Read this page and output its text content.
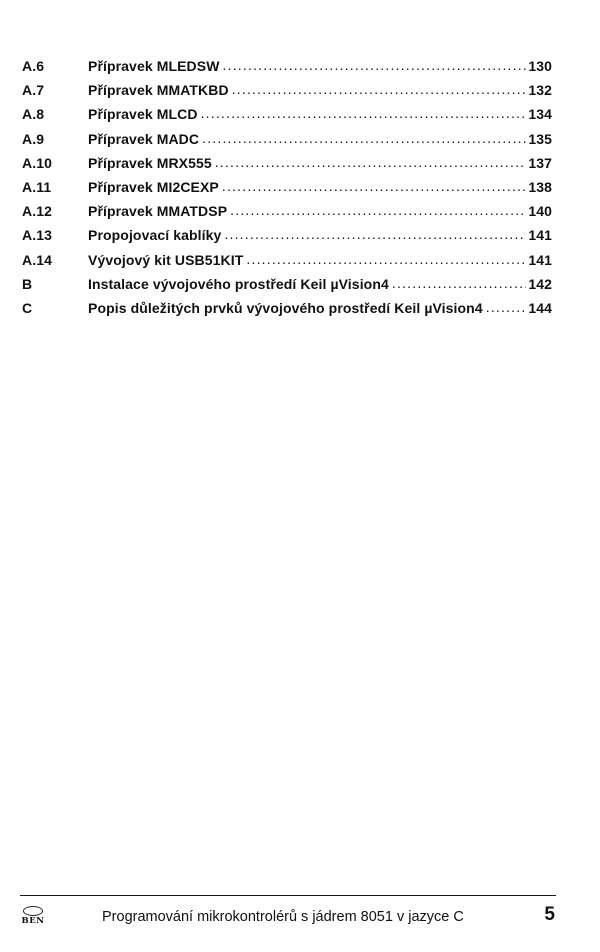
A.6	Přípravek MLEDSW .....	130
A.7	Přípravek MMATKBD .....	132
A.8	Přípravek MLCD .....	134
A.9	Přípravek MADC .....	135
A.10	Přípravek MRX555 .....	137
A.11	Přípravek MI2CEXP .....	138
A.12	Přípravek MMATDSP .....	140
A.13	Propojovací kablíky .....	141
A.14	Vývojový kit USB51KIT .....	141
B	Instalace vývojového prostředí Keil µVision4 .....	142
C	Popis důležitých prvků vývojového prostředí Keil µVision4 .....	144
BEN	Programování mikrokontrolérů s jádrem 8051 v jazyce C	5
